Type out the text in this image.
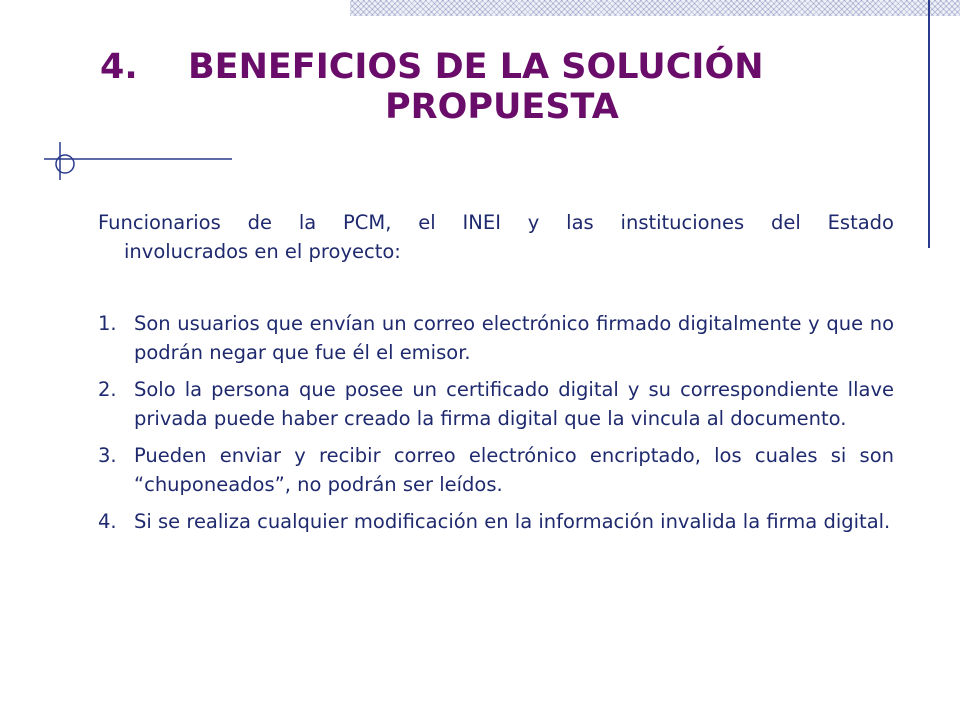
4. BENEFICIOS DE LA SOLUCIÓN
PROPUESTA
Funcionarios de la PCM, el INEI y las instituciones del Estado
involucrados en el proyecto:
1. Son usuarios que envían un correo electrónico firmado digitalmente y que no podrán negar que fue él el emisor.
2. Solo la persona que posee un certificado digital y su correspondiente llave privada puede haber creado la firma digital que la vincula al documento.
3. Pueden enviar y recibir correo electrónico encriptado, los cuales si son “chuponeados”, no podrán ser leídos.
4. Si se realiza cualquier modificación en la información invalida la firma digital.
